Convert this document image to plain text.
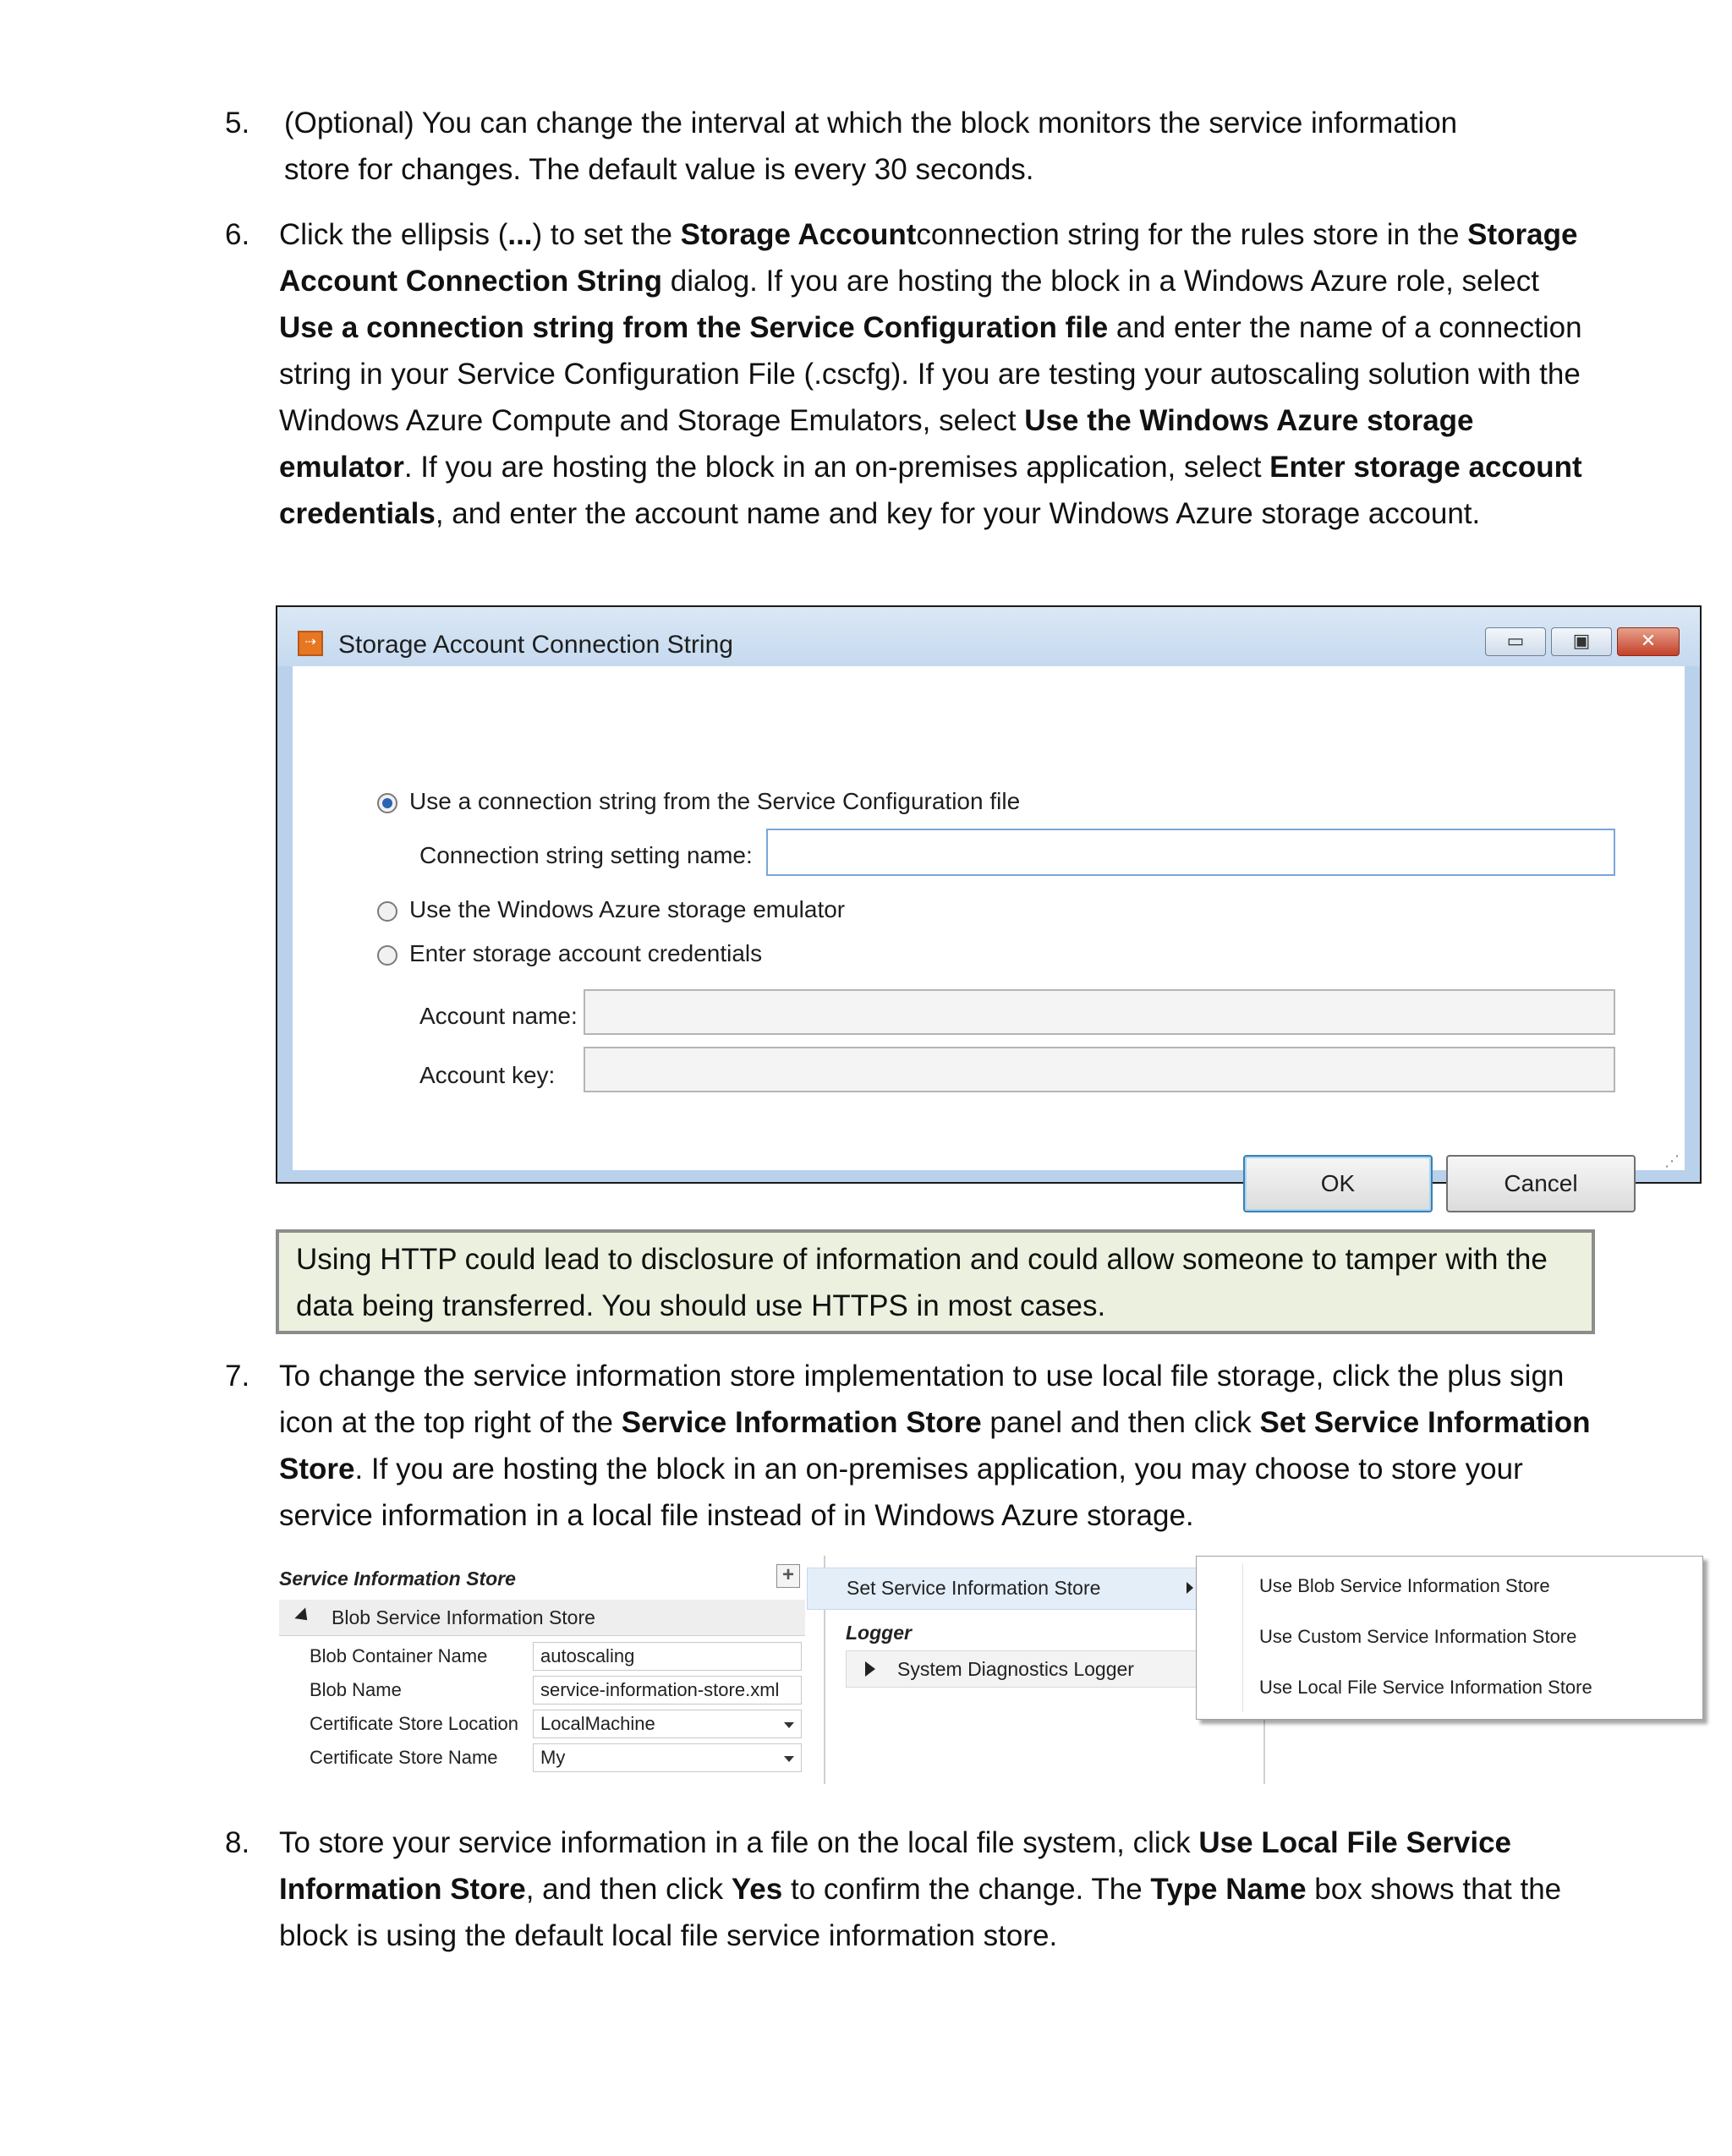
5.	(Optional) You can change the interval at which the block monitors the service information
store for changes. The default value is every 30 seconds.
6. Click the ellipsis (...) to set the Storage Accountconnection string for the rules store in the Storage Account Connection String dialog. If you are hosting the block in a Windows Azure role, select Use a connection string from the Service Configuration file and enter the name of a connection string in your Service Configuration File (.cscfg). If you are testing your autoscaling solution with the Windows Azure Compute and Storage Emulators, select Use the Windows Azure storage emulator. If you are hosting the block in an on-premises application, select Enter storage account credentials, and enter the account name and key for your Windows Azure storage account.
⇢ Storage Account Connection String	▭	▣	✕
Use a connection string from the Service Configuration file
Connection string setting name:
Use the Windows Azure storage emulator
Enter storage account credentials
Account name:
Account key:
OK	Cancel
⋰
Using HTTP could lead to disclosure of information and could allow someone to tamper with the data being transferred. You should use HTTPS in most cases.
7. To change the service information store implementation to use local file storage, click the plus sign icon at the top right of the Service Information Store panel and then click Set Service Information Store. If you are hosting the block in an on-premises application, you may choose to store your service information in a local file instead of in Windows Azure storage.
Service Information Store	+
Blob Service Information Store
Blob Container Name	autoscaling
Blob Name	service-information-store.xml
Certificate Store Location	LocalMachine
Certificate Store Name	My
Set Service Information Store
Logger
System Diagnostics Logger
Use Blob Service Information Store
Use Custom Service Information Store
Use Local File Service Information Store
8. To store your service information in a file on the local file system, click Use Local File Service Information Store, and then click Yes to confirm the change. The Type Name box shows that the block is using the default local file service information store.
